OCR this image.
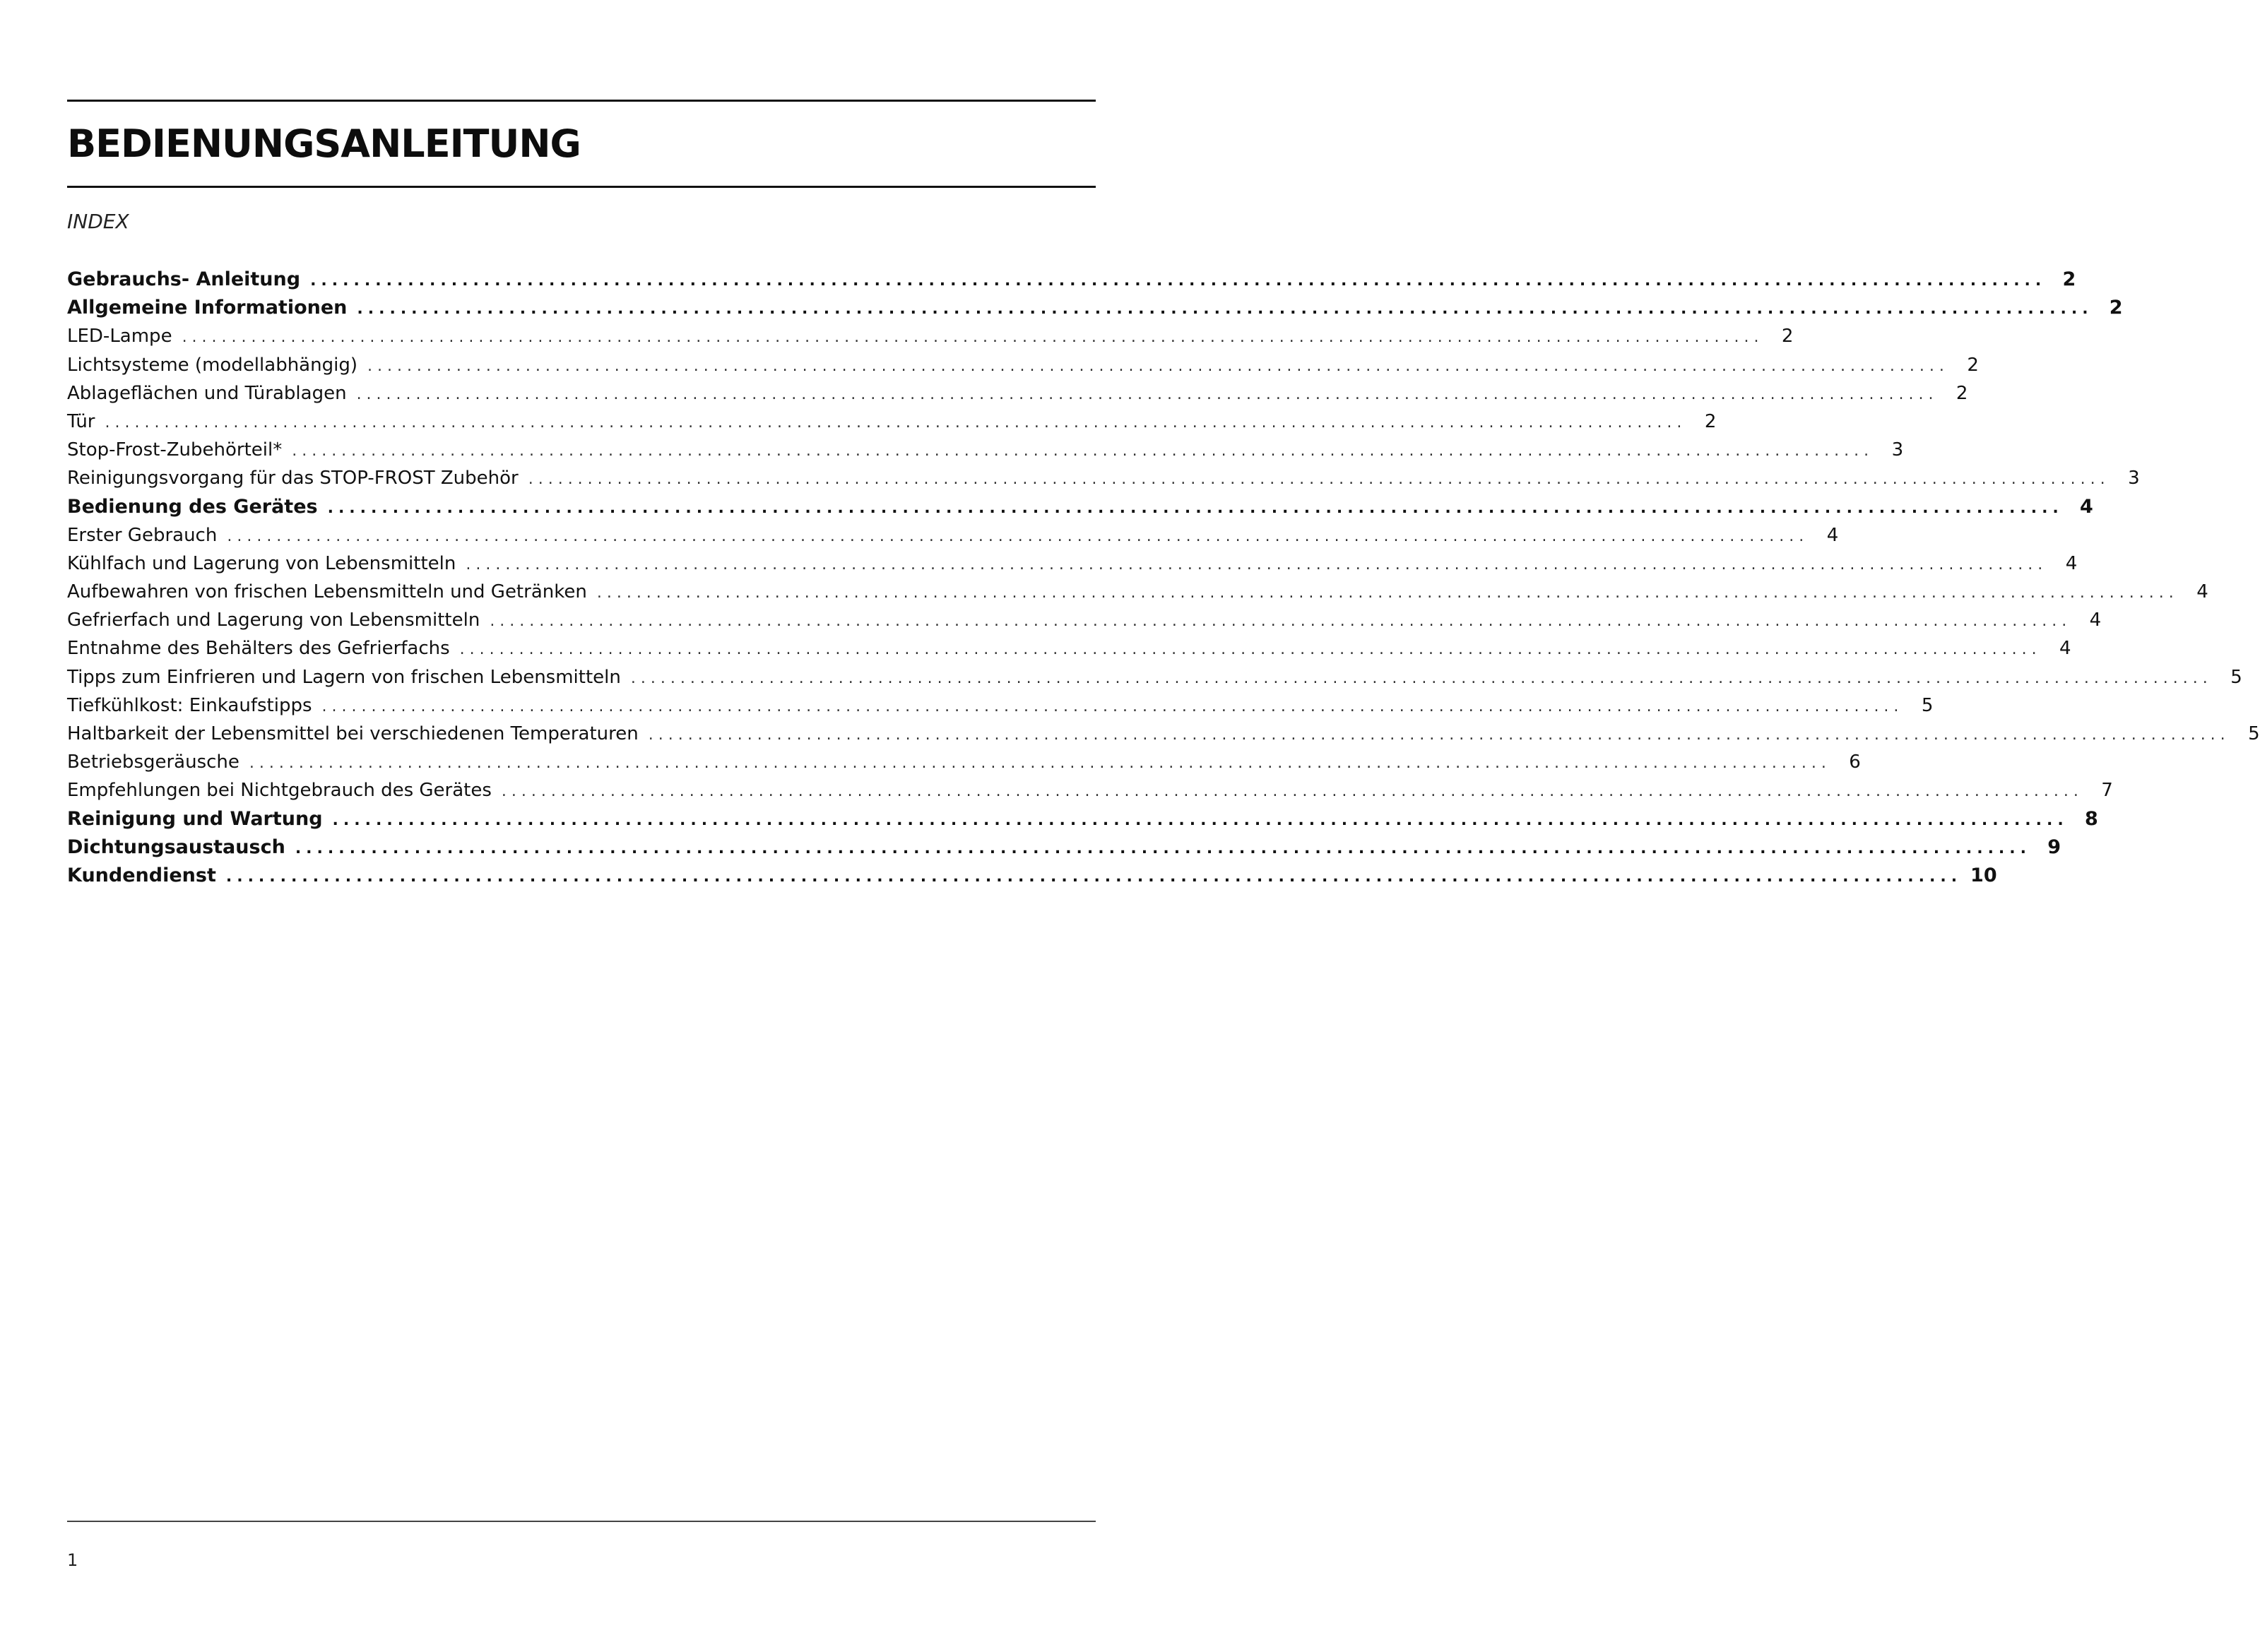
BEDIENUNGSANLEITUNG
INDEX
Gebrauchs- Anleitung ................................................................................................................................................................ 2
Allgemeine Informationen ................................................................................................................................................................ 2
LED-Lampe ................................................................................................................................................................ 2
Lichtsysteme (modellabhängig) ................................................................................................................................................................ 2
Ablageflächen und Türablagen ................................................................................................................................................................ 2
Tür ................................................................................................................................................................ 2
Stop-Frost-Zubehörteil* ................................................................................................................................................................ 3
Reinigungsvorgang für das STOP-FROST Zubehör ................................................................................................................................................................ 3
Bedienung des Gerätes ................................................................................................................................................................ 4
Erster Gebrauch ................................................................................................................................................................ 4
Kühlfach und Lagerung von Lebensmitteln ................................................................................................................................................................ 4
Aufbewahren von frischen Lebensmitteln und Getränken ................................................................................................................................................................ 4
Gefrierfach und Lagerung von Lebensmitteln ................................................................................................................................................................ 4
Entnahme des Behälters des Gefrierfachs ................................................................................................................................................................ 4
Tipps zum Einfrieren und Lagern von frischen Lebensmitteln ................................................................................................................................................................ 5
Tiefkühlkost: Einkaufstipps ................................................................................................................................................................ 5
Haltbarkeit der Lebensmittel bei verschiedenen Temperaturen ................................................................................................................................................................ 5
Betriebsgeräusche ................................................................................................................................................................ 6
Empfehlungen bei Nichtgebrauch des Gerätes ................................................................................................................................................................ 7
Reinigung und Wartung ................................................................................................................................................................ 8
Dichtungsaustausch ................................................................................................................................................................ 9
Kundendienst ................................................................................................................................................................ 10
1
